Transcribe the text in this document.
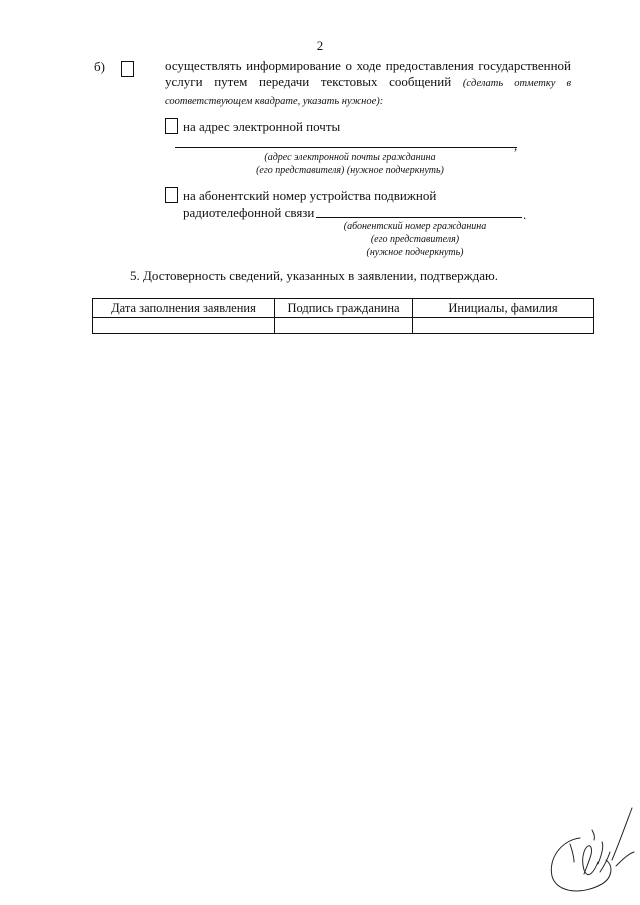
2
б)	осуществлять информирование о ходе предоставления государственной услуги путем передачи текстовых сообщений (сделать отметку в соответствующем квадрате, указать нужное):
на адрес электронной почты
,
(адрес электронной почты гражданина
(его представителя) (нужное подчеркнуть)
на абонентский номер устройства подвижной
радиотелефонной связи	.
(абонентский номер гражданина
(его представителя)
(нужное подчеркнуть)
5. Достоверность сведений, указанных в заявлении, подтверждаю.
Дата заполнения заявления	Подпись гражданина	Инициалы, фамилия
